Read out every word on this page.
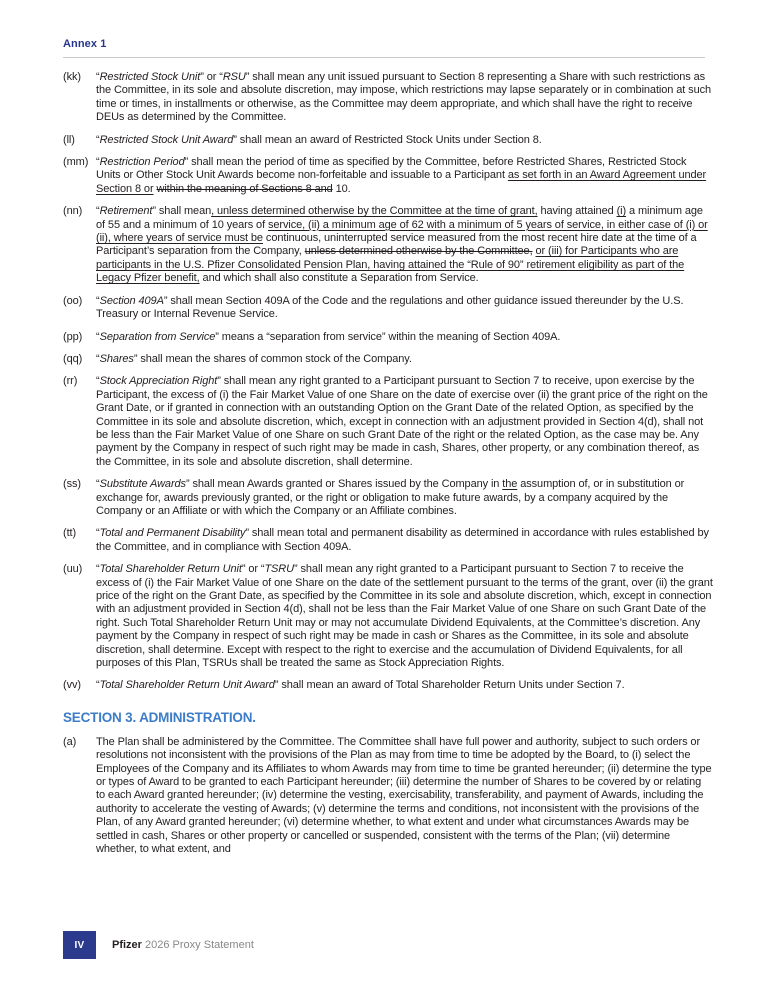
Annex 1
(kk)	“Restricted Stock Unit” or “RSU” shall mean any unit issued pursuant to Section 8 representing a Share with such restrictions as the Committee, in its sole and absolute discretion, may impose, which restrictions may lapse separately or in combination at such time or times, in installments or otherwise, as the Committee may deem appropriate, and which shall have the right to receive DEUs as determined by the Committee.
(ll)	“Restricted Stock Unit Award” shall mean an award of Restricted Stock Units under Section 8.
(mm) “Restriction Period” shall mean the period of time as specified by the Committee, before Restricted Shares, Restricted Stock Units or Other Stock Unit Awards become non-forfeitable and issuable to a Participant as set forth in an Award Agreement under Section 8 or within the meaning of Sections 8 and 10.
(nn)	“Retirement” shall mean, unless determined otherwise by the Committee at the time of grant, having attained (i) a minimum age of 55 and a minimum of 10 years of service, (ii) a minimum age of 62 with a minimum of 5 years of service, in either case of (i) or (ii), where years of service must be continuous, uninterrupted service measured from the most recent hire date at the time of a Participant’s separation from the Company, unless determined otherwise by the Committee, or (iii) for Participants who are participants in the U.S. Pfizer Consolidated Pension Plan, having attained the “Rule of 90” retirement eligibility as part of the Legacy Pfizer benefit, and which shall also constitute a Separation from Service.
(oo)	“Section 409A” shall mean Section 409A of the Code and the regulations and other guidance issued thereunder by the U.S. Treasury or Internal Revenue Service.
(pp)	“Separation from Service” means a “separation from service” within the meaning of Section 409A.
(qq)	“Shares” shall mean the shares of common stock of the Company.
(rr)	“Stock Appreciation Right” shall mean any right granted to a Participant pursuant to Section 7 to receive, upon exercise by the Participant, the excess of (i) the Fair Market Value of one Share on the date of exercise over (ii) the grant price of the right on the Grant Date, or if granted in connection with an outstanding Option on the Grant Date of the related Option, as specified by the Committee in its sole and absolute discretion, which, except in connection with an adjustment provided in Section 4(d), shall not be less than the Fair Market Value of one Share on such Grant Date of the right or the related Option, as the case may be. Any payment by the Company in respect of such right may be made in cash, Shares, other property, or any combination thereof, as the Committee, in its sole and absolute discretion, shall determine.
(ss)	“Substitute Awards” shall mean Awards granted or Shares issued by the Company in the assumption of, or in substitution or exchange for, awards previously granted, or the right or obligation to make future awards, by a company acquired by the Company or an Affiliate or with which the Company or an Affiliate combines.
(tt)	“Total and Permanent Disability” shall mean total and permanent disability as determined in accordance with rules established by the Committee, and in compliance with Section 409A.
(uu)	“Total Shareholder Return Unit” or “TSRU” shall mean any right granted to a Participant pursuant to Section 7 to receive the excess of (i) the Fair Market Value of one Share on the date of the settlement pursuant to the terms of the grant, over (ii) the grant price of the right on the Grant Date, as specified by the Committee in its sole and absolute discretion, which, except in connection with an adjustment provided in Section 4(d), shall not be less than the Fair Market Value of one Share on such Grant Date of the right. Such Total Shareholder Return Unit may or may not accumulate Dividend Equivalents, at the Committee’s discretion. Any payment by the Company in respect of such right may be made in cash or Shares as the Committee, in its sole and absolute discretion, shall determine. Except with respect to the right to exercise and the accumulation of Dividend Equivalents, for all purposes of this Plan, TSRUs shall be treated the same as Stock Appreciation Rights.
(vv)	“Total Shareholder Return Unit Award” shall mean an award of Total Shareholder Return Units under Section 7.
SECTION 3. ADMINISTRATION.
(a)	The Plan shall be administered by the Committee. The Committee shall have full power and authority, subject to such orders or resolutions not inconsistent with the provisions of the Plan as may from time to time be adopted by the Board, to (i) select the Employees of the Company and its Affiliates to whom Awards may from time to time be granted hereunder; (ii) determine the type or types of Award to be granted to each Participant hereunder; (iii) determine the number of Shares to be covered by or relating to each Award granted hereunder; (iv) determine the vesting, exercisability, transferability, and payment of Awards, including the authority to accelerate the vesting of Awards; (v) determine the terms and conditions, not inconsistent with the provisions of the Plan, of any Award granted hereunder; (vi) determine whether, to what extent and under what circumstances Awards may be settled in cash, Shares or other property or cancelled or suspended, consistent with the terms of the Plan; (vii) determine whether, to what extent, and
IV	Pfizer 2026 Proxy Statement
